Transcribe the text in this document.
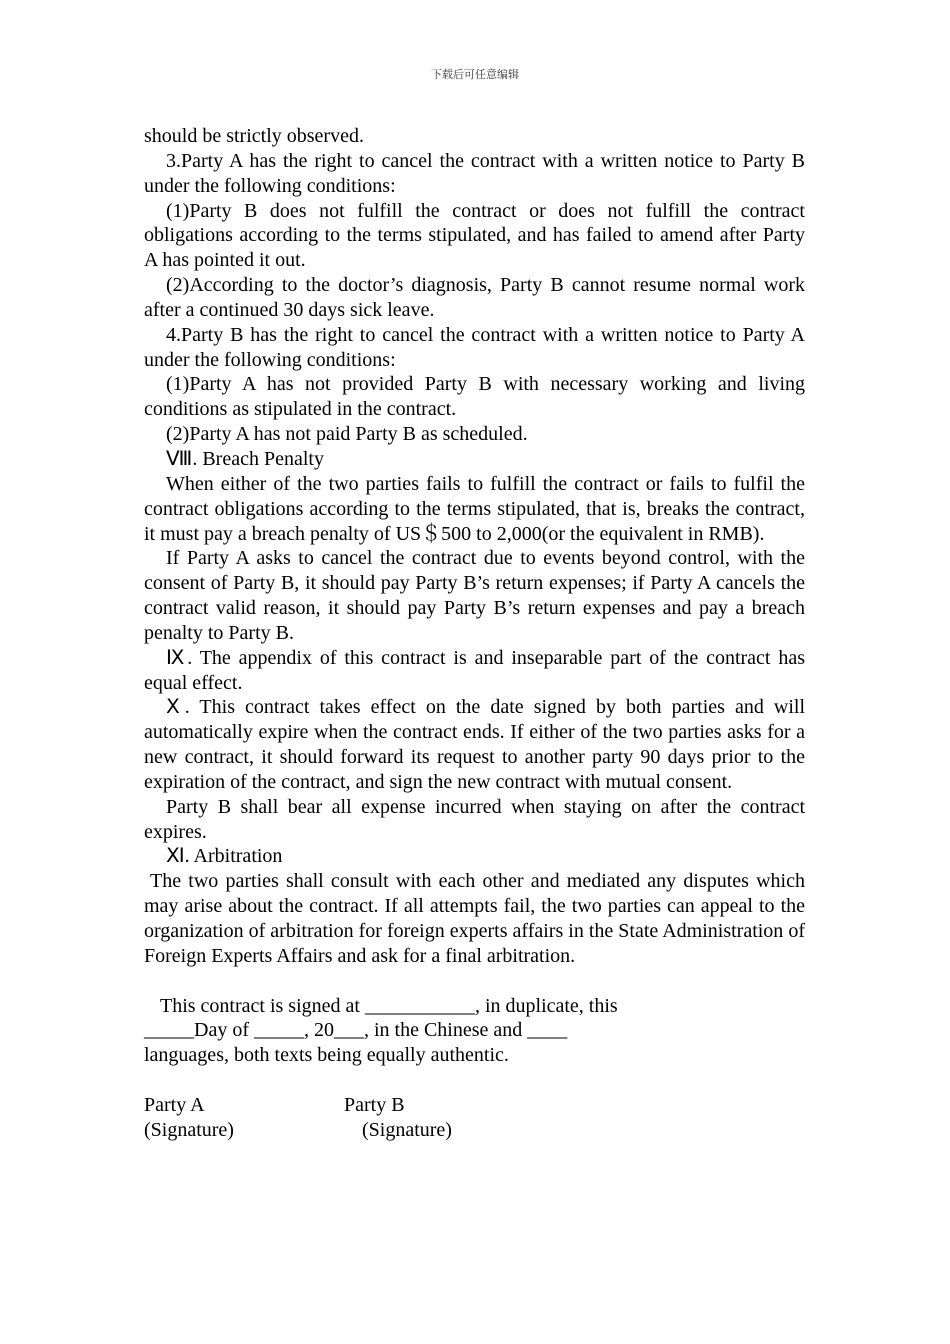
下载后可任意编辑

should be strictly observed.

3.Party A has the right to cancel the contract with a written notice to Party B under the following conditions:

(1)Party B does not fulfill the contract or does not fulfill the contract obligations according to the terms stipulated, and has failed to amend after Party A has pointed it out.

(2)According to the doctor’s diagnosis, Party B cannot resume normal work after a continued 30 days sick leave.

4.Party B has the right to cancel the contract with a written notice to Party A under the following conditions:

(1)Party A has not provided Party B with necessary working and living conditions as stipulated in the contract.

(2)Party A has not paid Party B as scheduled.

Ⅷ. Breach Penalty

When either of the two parties fails to fulfill the contract or fails to fulfil the contract obligations according to the terms stipulated, that is, breaks the contract, it must pay a breach penalty of US＄500 to 2,000(or the equivalent in RMB).

If Party A asks to cancel the contract due to events beyond control, with the consent of Party B, it should pay Party B’s return expenses; if Party A cancels the contract valid reason, it should pay Party B’s return expenses and pay a breach penalty to Party B.

Ⅸ. The appendix of this contract is and inseparable part of the contract has equal effect.

Ⅹ. This contract takes effect on the date signed by both parties and will automatically expire when the contract ends. If either of the two parties asks for a new contract, it should forward its request to another party 90 days prior to the expiration of the contract, and sign the new contract with mutual consent.

Party B shall bear all expense incurred when staying on after the contract expires.

Ⅺ. Arbitration

The two parties shall consult with each other and mediated any disputes which may arise about the contract. If all attempts fail, the two parties can appeal to the organization of arbitration for foreign experts affairs in the State Administration of Foreign Experts Affairs and ask for a final arbitration.

This contract is signed at ___________, in duplicate, this

_____Day of _____, 20___, in the Chinese and ____

languages, both texts being equally authentic.

Party A	Party B
(Signature)	(Signature)
